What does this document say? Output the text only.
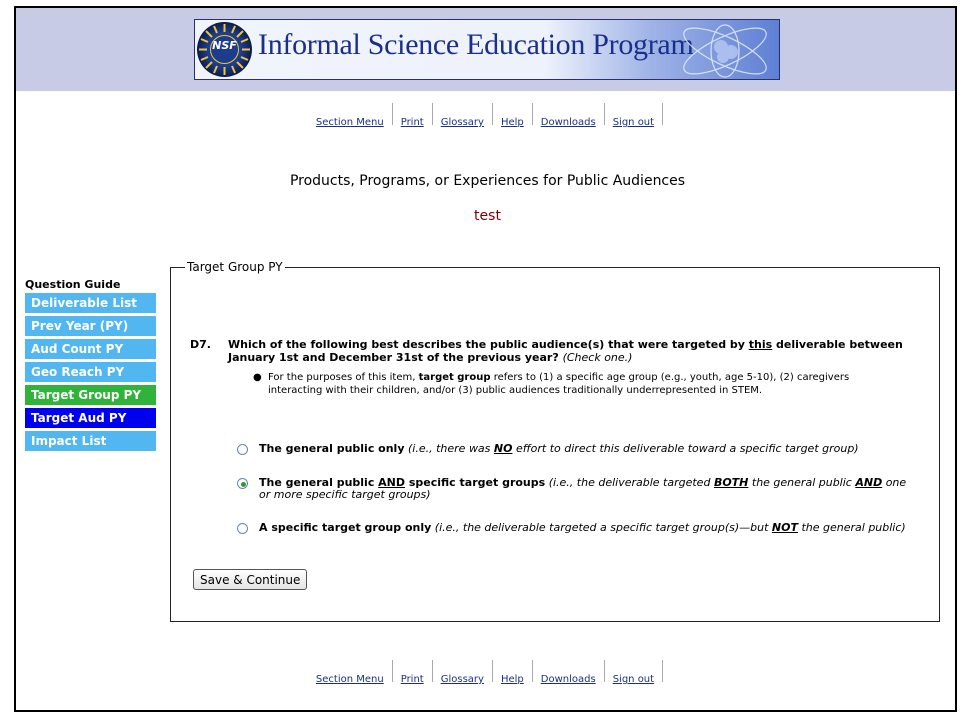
NSF Informal Science Education Program
Section Menu Print Glossary Help Downloads Sign out
Products, Programs, or Experiences for Public Audiences
test
Question Guide
Deliverable List
Prev Year (PY)
Aud Count PY
Geo Reach PY
Target Group PY
Target Aud PY
Impact List
Target Group PY
D7. Which of the following best describes the public audience(s) that were targeted by this deliverable between January 1st and December 31st of the previous year? (Check one.)
● For the purposes of this item, target group refers to (1) a specific age group (e.g., youth, age 5-10), (2) caregivers interacting with their children, and/or (3) public audiences traditionally underrepresented in STEM.
The general public only (i.e., there was NO effort to direct this deliverable toward a specific target group)
The general public AND specific target groups (i.e., the deliverable targeted BOTH the general public AND one or more specific target groups)
A specific target group only (i.e., the deliverable targeted a specific target group(s)—but NOT the general public)
Save & Continue
Section Menu Print Glossary Help Downloads Sign out
